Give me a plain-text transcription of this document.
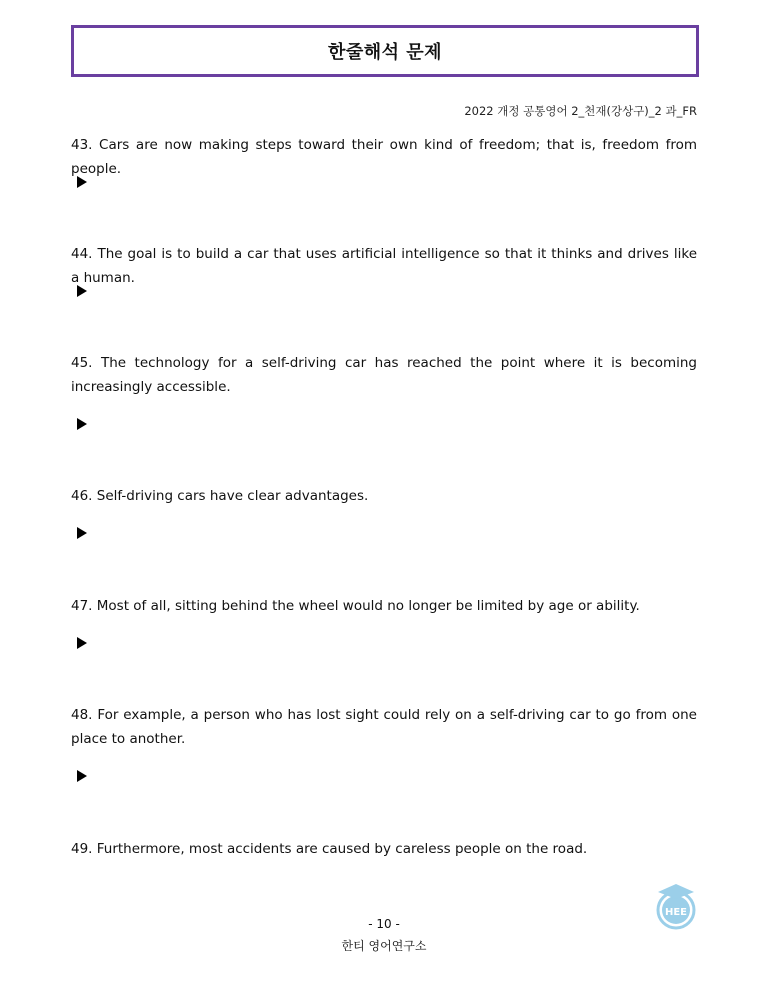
한줄해석 문제
2022 개정 공통영어 2_천재(강상구)_2 과_FR
43. Cars are now making steps toward their own kind of freedom; that is, freedom from people.
44. The goal is to build a car that uses artificial intelligence so that it thinks and drives like a human.
45. The technology for a self-driving car has reached the point where it is becoming increasingly accessible.
46. Self-driving cars have clear advantages.
47. Most of all, sitting behind the wheel would no longer be limited by age or ability.
48. For example, a person who has lost sight could rely on a self-driving car to go from one place to another.
49. Furthermore, most accidents are caused by careless people on the road.
HEE
- 10 -
한티 영어연구소
